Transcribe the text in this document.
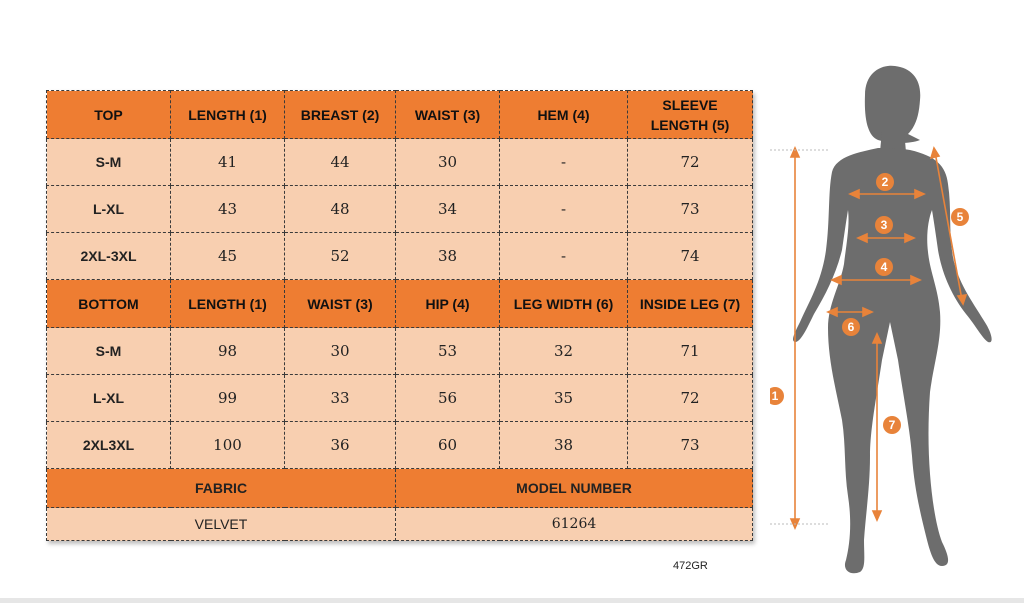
TOP	LENGTH (1)	BREAST (2)	WAIST (3)	HEM (4)	SLEEVE LENGTH (5)
S-M	41	44	30	-	72
L-XL	43	48	34	-	73
2XL-3XL	45	52	38	-	74
BOTTOM	LENGTH (1)	WAIST (3)	HIP (4)	LEG WIDTH (6)	INSIDE LEG (7)
S-M	98	30	53	32	71
L-XL	99	33	56	35	72
2XL3XL	100	36	60	38	73
FABRIC			MODEL NUMBER		
VELVET			61264		
472GR
1
2
3
4
5
6
7
